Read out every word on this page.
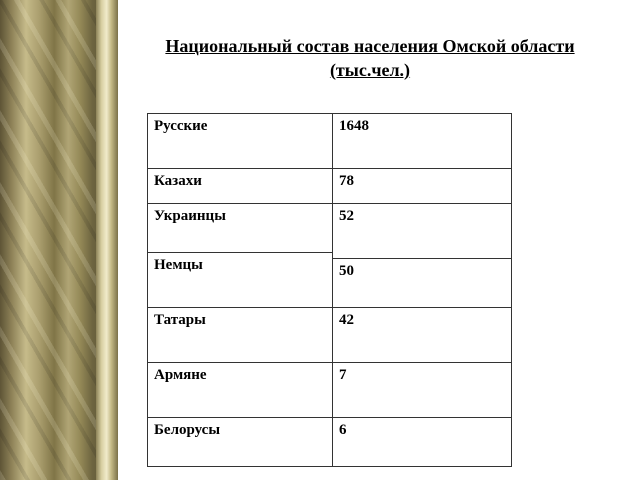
Национальный состав населения Омской области
(тыс.чел.)
Русские
Казахи
Украинцы
Немцы
Татары
Армяне
Белорусы
1648
78
52
50
42
7
6
